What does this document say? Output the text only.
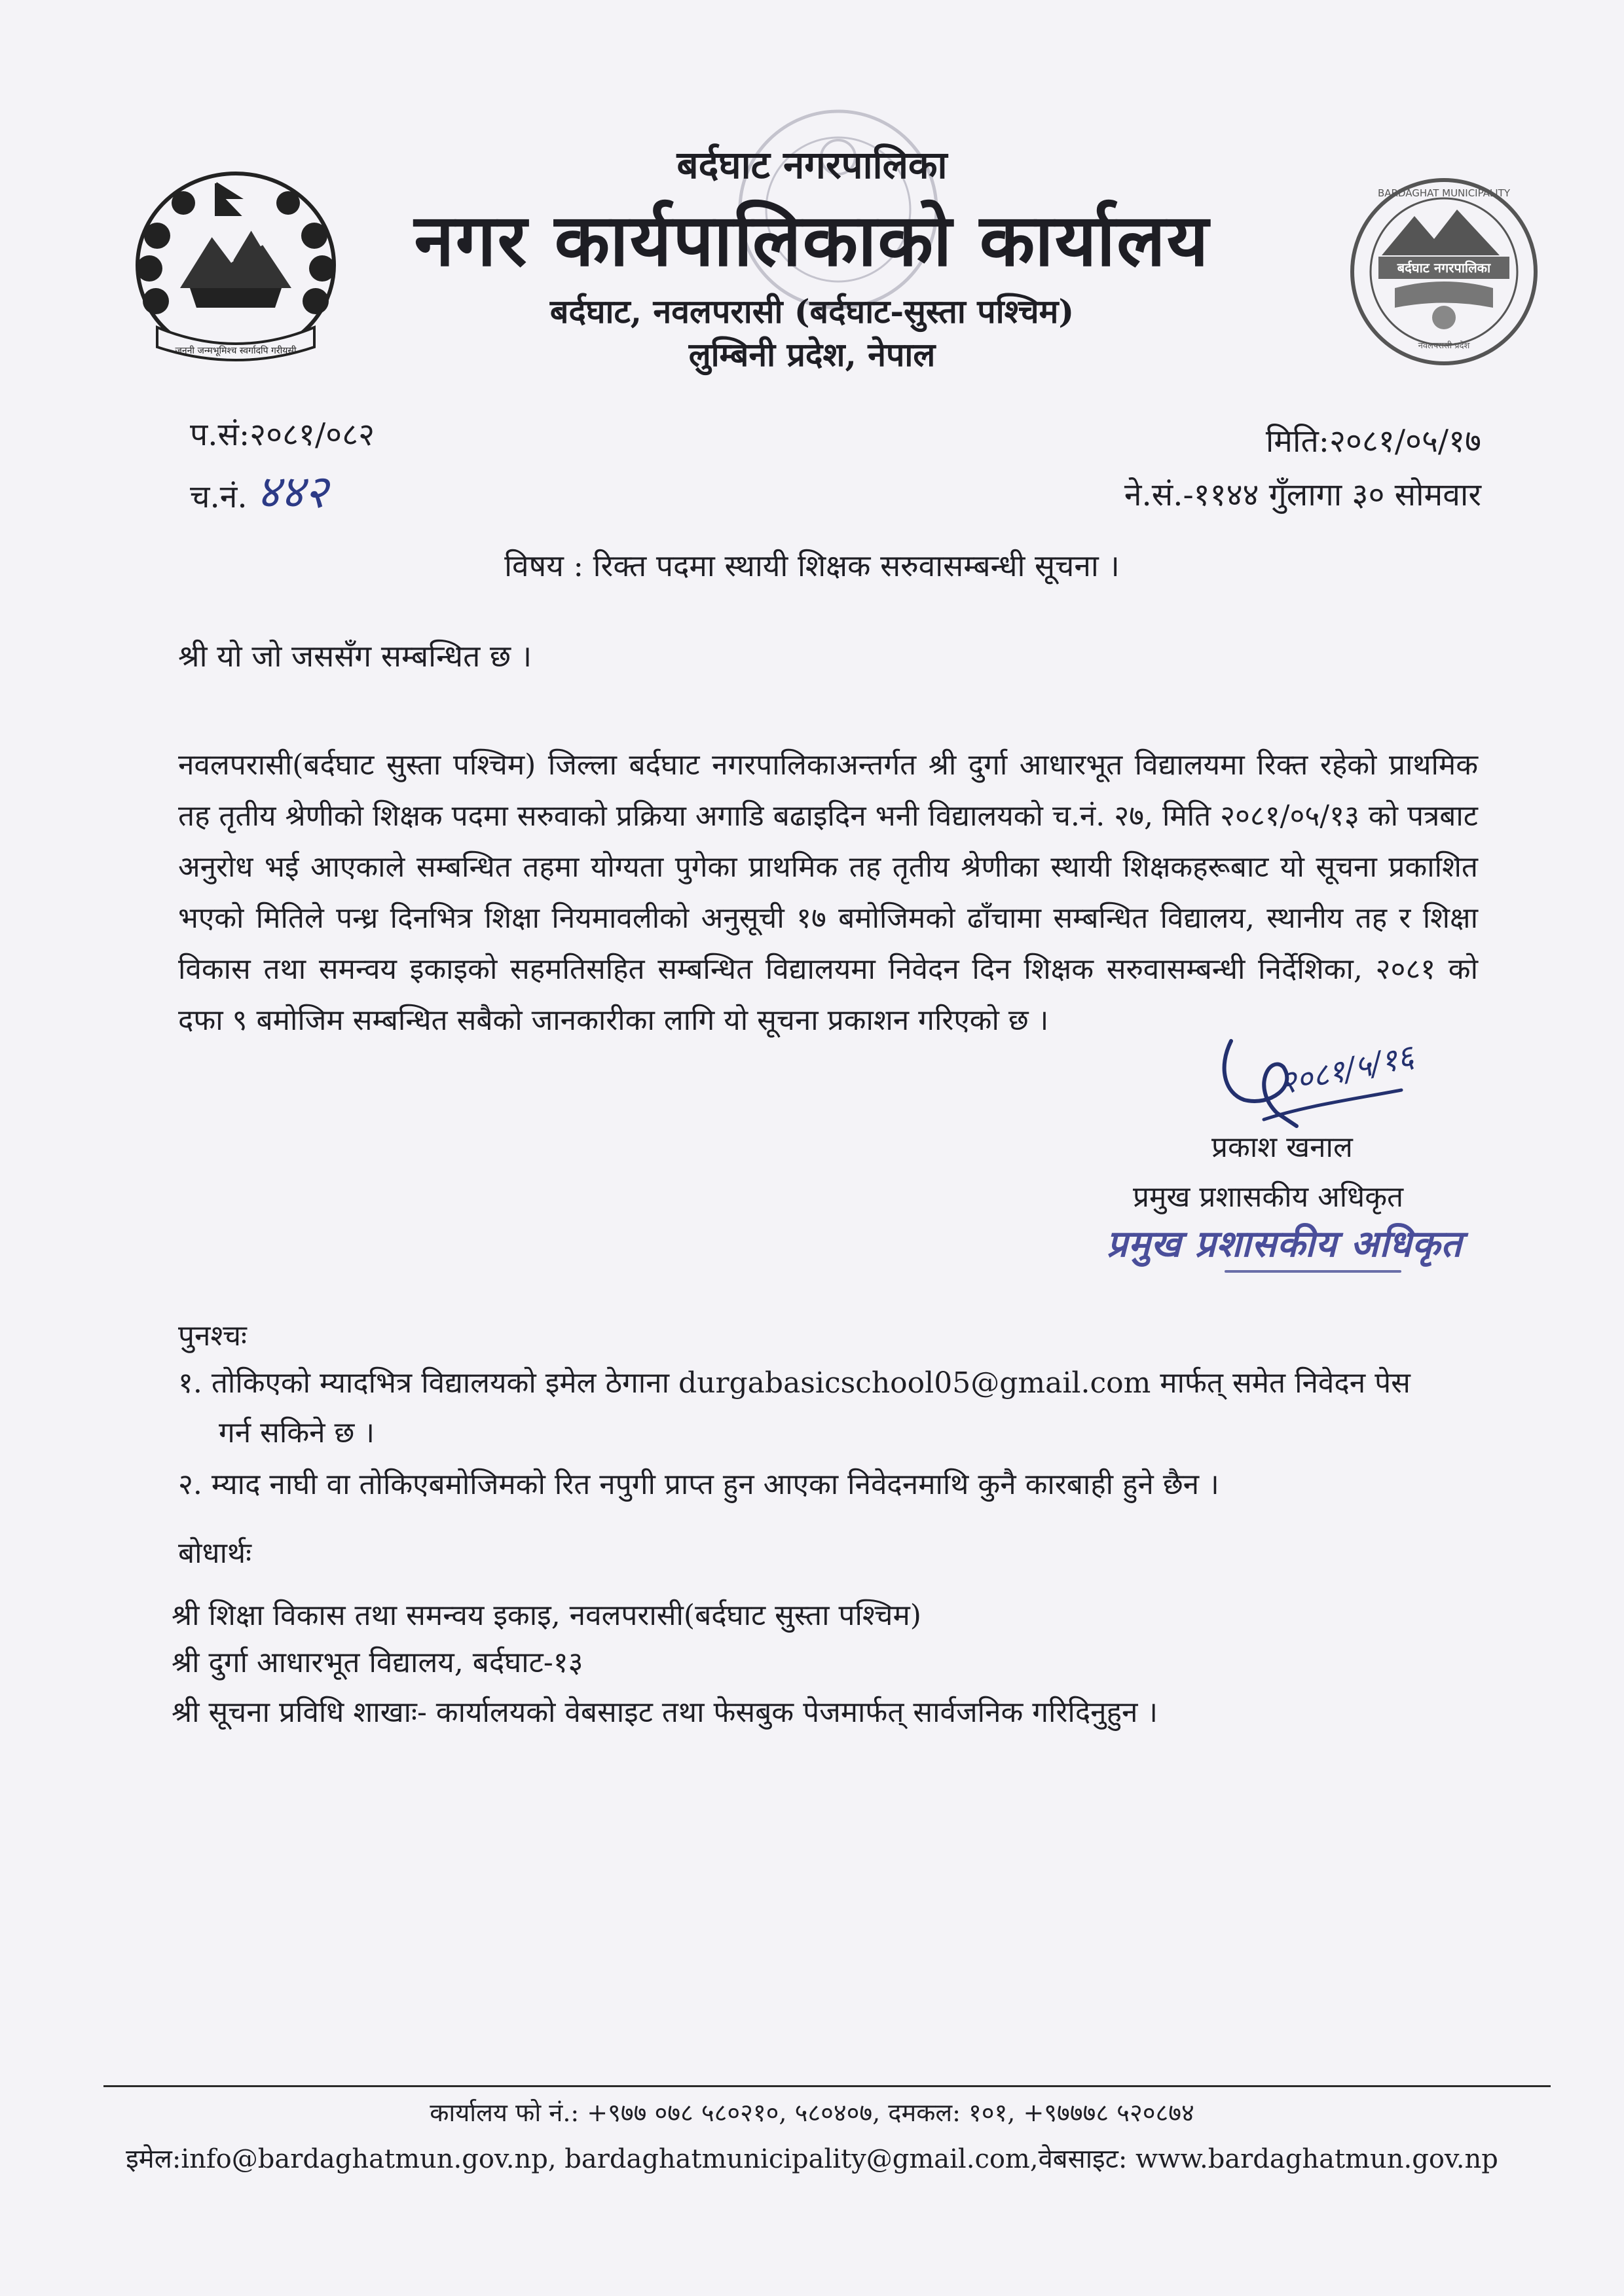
जननी जन्मभूमिश्च स्वर्गादपि गरीयसी
BARDAGHAT MUNICIPALITY
बर्दघाट नगरपालिका
नवलपरासी प्रदेश
बर्दघाट नगरपालिका
नगर कार्यपालिकाको कार्यालय
बर्दघाट, नवलपरासी (बर्दघाट-सुस्ता पश्चिम)
लुम्बिनी प्रदेश, नेपाल
प.सं:२०८१/०८२
च.नं. ४४२
मिति:२०८१/०५/१७
ने.सं.-११४४ गुँलागा ३० सोमवार
विषय : रिक्त पदमा स्थायी शिक्षक सरुवासम्बन्धी सूचना ।
श्री यो जो जससँग सम्बन्धित छ ।
नवलपरासी(बर्दघाट सुस्ता पश्चिम) जिल्ला बर्दघाट नगरपालिकाअन्तर्गत श्री दुर्गा आधारभूत विद्यालयमा रिक्त रहेको प्राथमिक तह तृतीय श्रेणीको शिक्षक पदमा सरुवाको प्रक्रिया अगाडि बढाइदिन भनी विद्यालयको च.नं. २७, मिति २०८१/०५/१३ को पत्रबाट अनुरोध भई आएकाले सम्बन्धित तहमा योग्यता पुगेका प्राथमिक तह तृतीय श्रेणीका स्थायी शिक्षकहरूबाट यो सूचना प्रकाशित भएको मितिले पन्ध्र दिनभित्र शिक्षा नियमावलीको अनुसूची १७ बमोजिमको ढाँचामा सम्बन्धित विद्यालय, स्थानीय तह र शिक्षा विकास तथा समन्वय इकाइको सहमतिसहित सम्बन्धित विद्यालयमा निवेदन दिन शिक्षक सरुवासम्बन्धी निर्देशिका, २०८१ को दफा ९ बमोजिम सम्बन्धित सबैको जानकारीका लागि यो सूचना प्रकाशन गरिएको छ ।
२०८१/५/१६
प्रकाश खनाल
प्रमुख प्रशासकीय अधिकृत
प्रमुख प्रशासकीय अधिकृत
पुनश्चः
१. तोकिएको म्यादभित्र विद्यालयको इमेल ठेगाना durgabasicschool05@gmail.com मार्फत् समेत निवेदन पेस
गर्न सकिने छ ।
२. म्याद नाघी वा तोकिएबमोजिमको रित नपुगी प्राप्त हुन आएका निवेदनमाथि कुनै कारबाही हुने छैन ।
बोधार्थः
श्री शिक्षा विकास तथा समन्वय इकाइ, नवलपरासी(बर्दघाट सुस्ता पश्चिम)
श्री दुर्गा आधारभूत विद्यालय, बर्दघाट-१३
श्री सूचना प्रविधि शाखाः- कार्यालयको वेबसाइट तथा फेसबुक पेजमार्फत् सार्वजनिक गरिदिनुहुन ।
कार्यालय फो नं.: +९७७ ०७८ ५८०२१०, ५८०४०७, दमकल: १०१, +९७७७८ ५२०८७४
इमेल:info@bardaghatmun.gov.np, bardaghatmunicipality@gmail.com,वेबसाइट: www.bardaghatmun.gov.np
